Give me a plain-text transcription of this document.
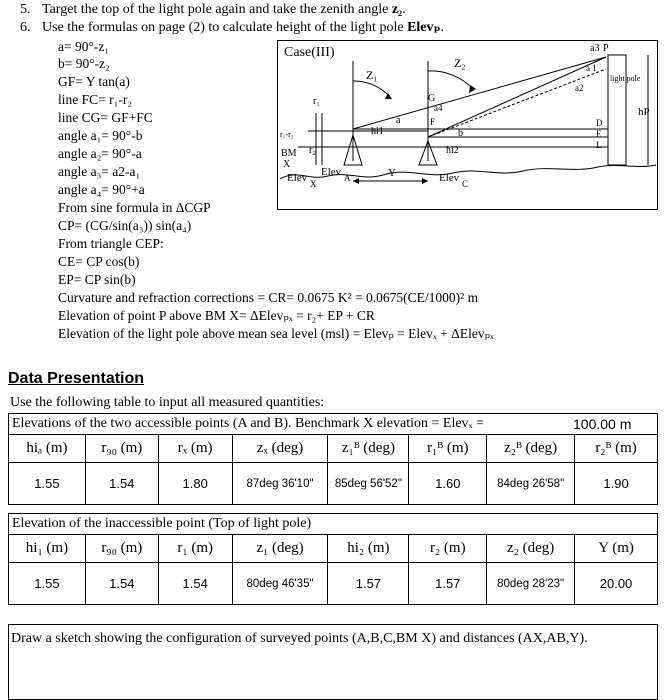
5. Target the top of the light pole again and take the zenith angle z₂.
6. Use the formulas on page (2) to calculate height of the light pole Elevₚ.
a= 90°-z₁
b= 90°-z₂
GF= Y tan(a)
line FC= r₁-r₂
line CG= GF+FC
angle a₁= 90°-b
angle a₂= 90°-a
angle a₃= a2-a₁
angle a₄= 90°+a
From sine formula in ΔCGP
CP= (CG/sin(a₃)) sin(a₄)
From triangle CEP:
CE= CP cos(b)
EP= CP sin(b)
Curvature and refraction corrections = CR= 0.0675 K² = 0.0675(CE/1000)² m
Elevation of point P above BM X= ΔElevₚₓ = r₂+ EP + CR
Elevation of the light pole above mean sea level (msl) = Elevₚ = Elevₓ + ΔElevₚₓ
r₁
r₁-r₂
BM r₂
X
Elev X
Elev A	Y	Elev C
hi1
hi2
Z₁
Z₂
a
G
a4
F
b
a3 P
a 1
a2
light pole
hP
D
E
L
Case(III)
Data Presentation
Use the following table to input all measured quantities:
Elevations of the two accessible points (A and B). Benchmark X elevation = Elevₓ =	100.00 m
hiₐ (m)	r₉₀ (m)	rₓ (m)	zₓ (deg)	z₁ᴮ (deg)	r₁ᴮ (m)	z₂ᴮ (deg)	r₂ᴮ (m)
1.55	1.54	1.80	87deg 36'10"	85deg 56'52"	1.60	84deg 26'58"	1.90
Elevation of the inaccessible point (Top of light pole)
hi₁ (m)	r₉₀ (m)	r₁ (m)	z₁ (deg)	hi₂ (m)	r₂ (m)	z₂ (deg)	Y (m)
1.55	1.54	1.54	80deg 46'35"	1.57	1.57	80deg 28'23"	20.00
Draw a sketch showing the configuration of surveyed points (A,B,C,BM X) and distances (AX,AB,Y).
